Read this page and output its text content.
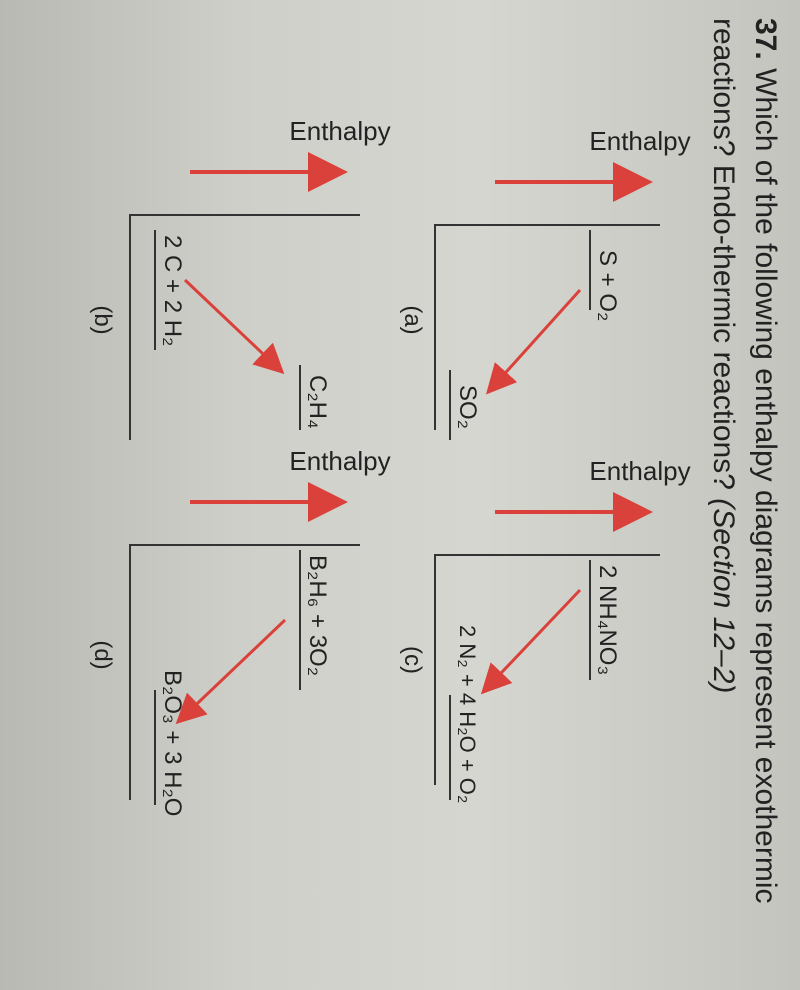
37. Which of the following enthalpy diagrams represent exothermic reactions? Endo-thermic reactions? (Section 12–2)
Enthalpy
S + O₂
SO₂
(a)
Enthalpy
2 C + 2 H₂
C₂H₄
(b)
Enthalpy
2 NH₄NO₃
2 N₂ + 4 H₂O + O₂
(c)
Enthalpy
B₂H₆ + 3O₂
B₂O₃ + 3 H₂O
(d)
